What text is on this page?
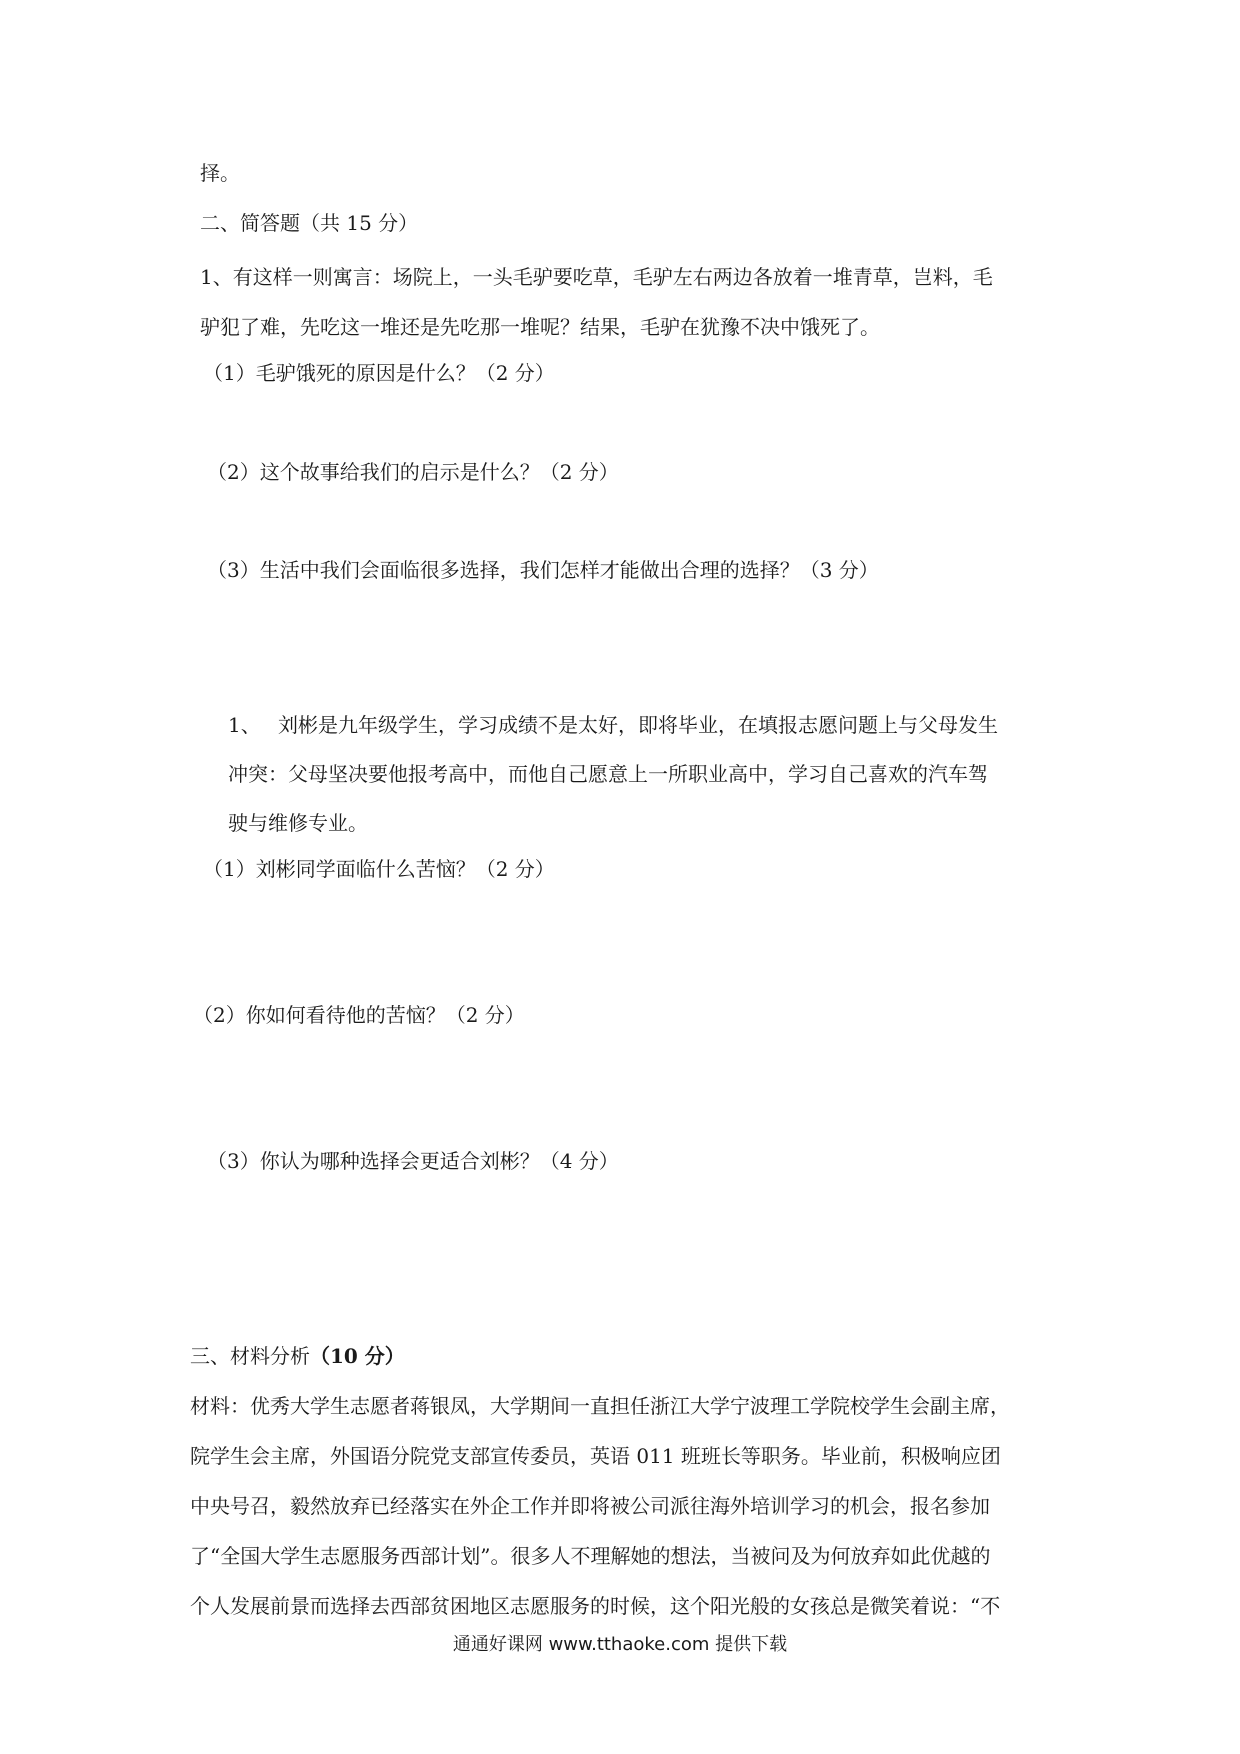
择。

二、简答题（共 15 分）

1、有这样一则寓言：场院上，一头毛驴要吃草，毛驴左右两边各放着一堆青草，岂料，毛

驴犯了难，先吃这一堆还是先吃那一堆呢？结果，毛驴在犹豫不决中饿死了。

（1）毛驴饿死的原因是什么？（2 分）

（2）这个故事给我们的启示是什么？（2 分）

（3）生活中我们会面临很多选择，我们怎样才能做出合理的选择？（3 分）

1、 刘彬是九年级学生，学习成绩不是太好，即将毕业，在填报志愿问题上与父母发生

冲突：父母坚决要他报考高中，而他自己愿意上一所职业高中，学习自己喜欢的汽车驾

驶与维修专业。

（1）刘彬同学面临什么苦恼？（2 分）

（2）你如何看待他的苦恼？（2 分）

（3）你认为哪种选择会更适合刘彬？（4 分）

三、材料分析（10 分）

材料：优秀大学生志愿者蒋银凤，大学期间一直担任浙江大学宁波理工学院校学生会副主席，

院学生会主席，外国语分院党支部宣传委员，英语 011 班班长等职务。毕业前，积极响应团

中央号召，毅然放弃已经落实在外企工作并即将被公司派往海外培训学习的机会，报名参加

了“全国大学生志愿服务西部计划”。很多人不理解她的想法，当被问及为何放弃如此优越的

个人发展前景而选择去西部贫困地区志愿服务的时候，这个阳光般的女孩总是微笑着说：“不

通通好课网 www.tthaoke.com 提供下载
